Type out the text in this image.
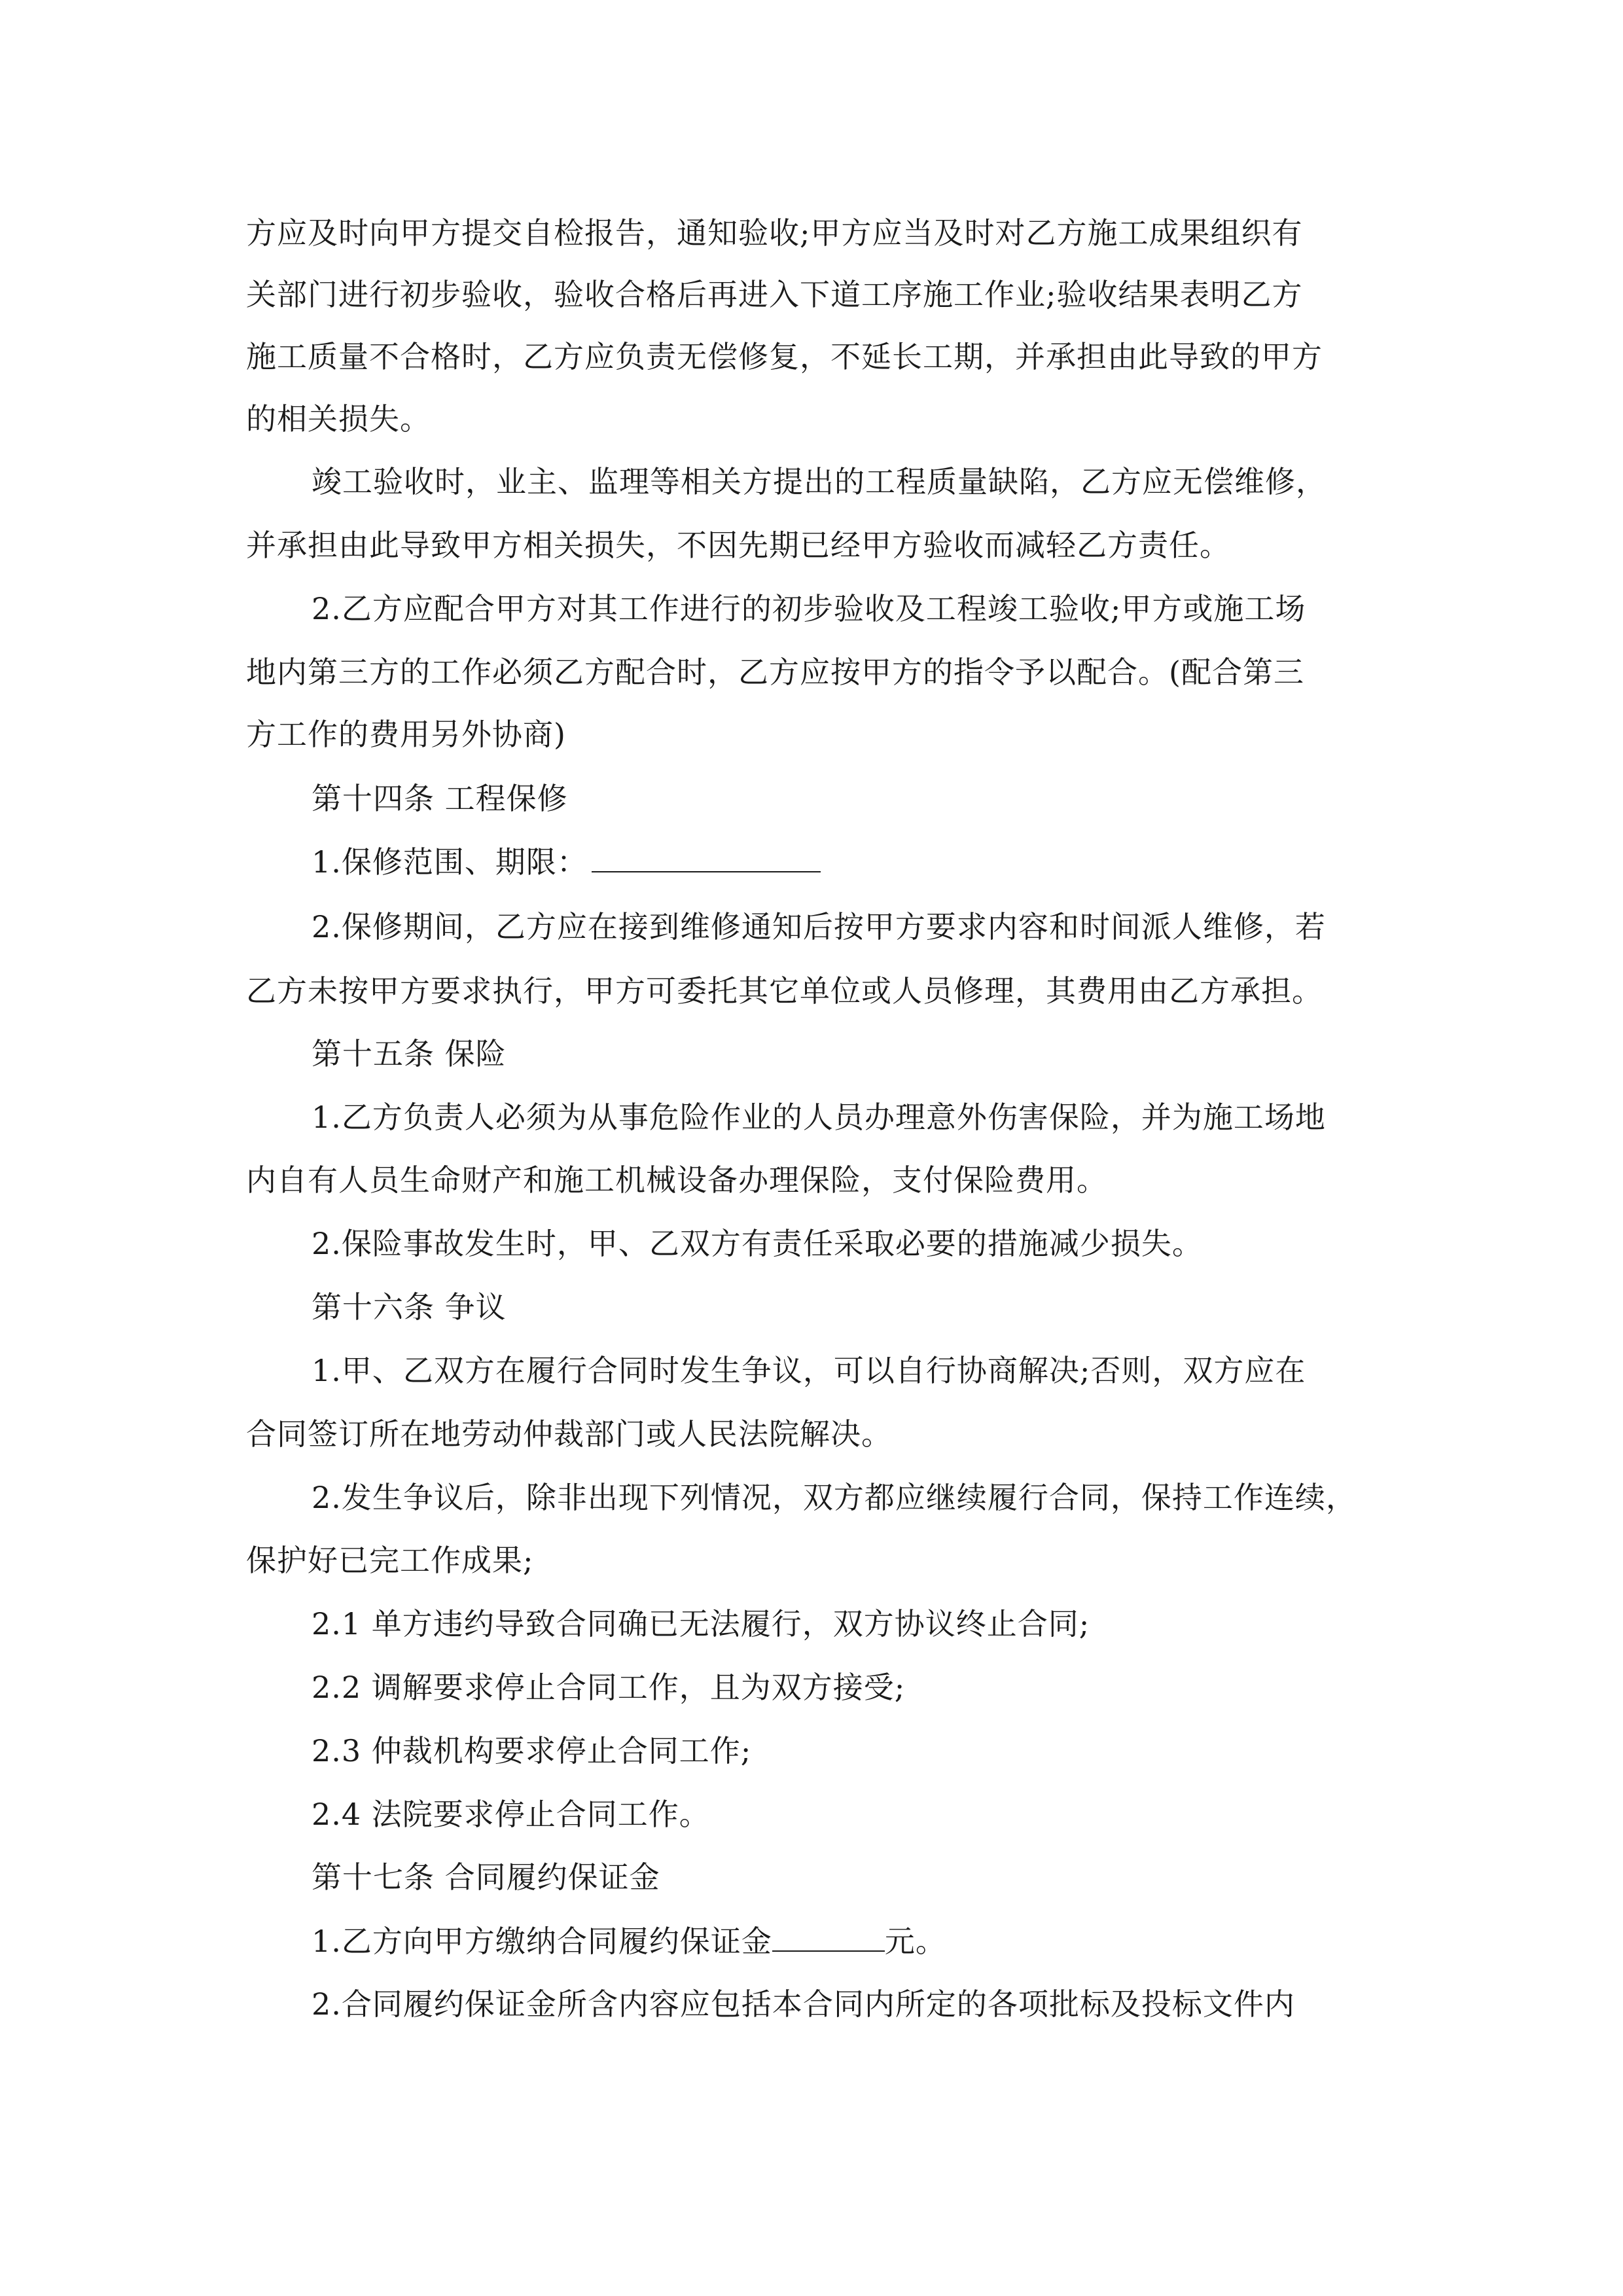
方应及时向甲方提交自检报告，通知验收;甲方应当及时对乙方施工成果组织有
关部门进行初步验收，验收合格后再进入下道工序施工作业;验收结果表明乙方
施工质量不合格时，乙方应负责无偿修复，不延长工期，并承担由此导致的甲方
的相关损失。
竣工验收时，业主、监理等相关方提出的工程质量缺陷，乙方应无偿维修，
并承担由此导致甲方相关损失，不因先期已经甲方验收而减轻乙方责任。
2.乙方应配合甲方对其工作进行的初步验收及工程竣工验收;甲方或施工场
地内第三方的工作必须乙方配合时，乙方应按甲方的指令予以配合。(配合第三
方工作的费用另外协商)
第十四条 工程保修
1.保修范围、期限：
2.保修期间，乙方应在接到维修通知后按甲方要求内容和时间派人维修，若
乙方未按甲方要求执行，甲方可委托其它单位或人员修理，其费用由乙方承担。
第十五条 保险
1.乙方负责人必须为从事危险作业的人员办理意外伤害保险，并为施工场地
内自有人员生命财产和施工机械设备办理保险，支付保险费用。
2.保险事故发生时，甲、乙双方有责任采取必要的措施减少损失。
第十六条 争议
1.甲、乙双方在履行合同时发生争议，可以自行协商解决;否则，双方应在
合同签订所在地劳动仲裁部门或人民法院解决。
2.发生争议后，除非出现下列情况，双方都应继续履行合同，保持工作连续，
保护好已完工作成果;
2.1 单方违约导致合同确已无法履行，双方协议终止合同;
2.2 调解要求停止合同工作，且为双方接受;
2.3 仲裁机构要求停止合同工作;
2.4 法院要求停止合同工作。
第十七条 合同履约保证金
1.乙方向甲方缴纳合同履约保证金	元。
2.合同履约保证金所含内容应包括本合同内所定的各项批标及投标文件内
